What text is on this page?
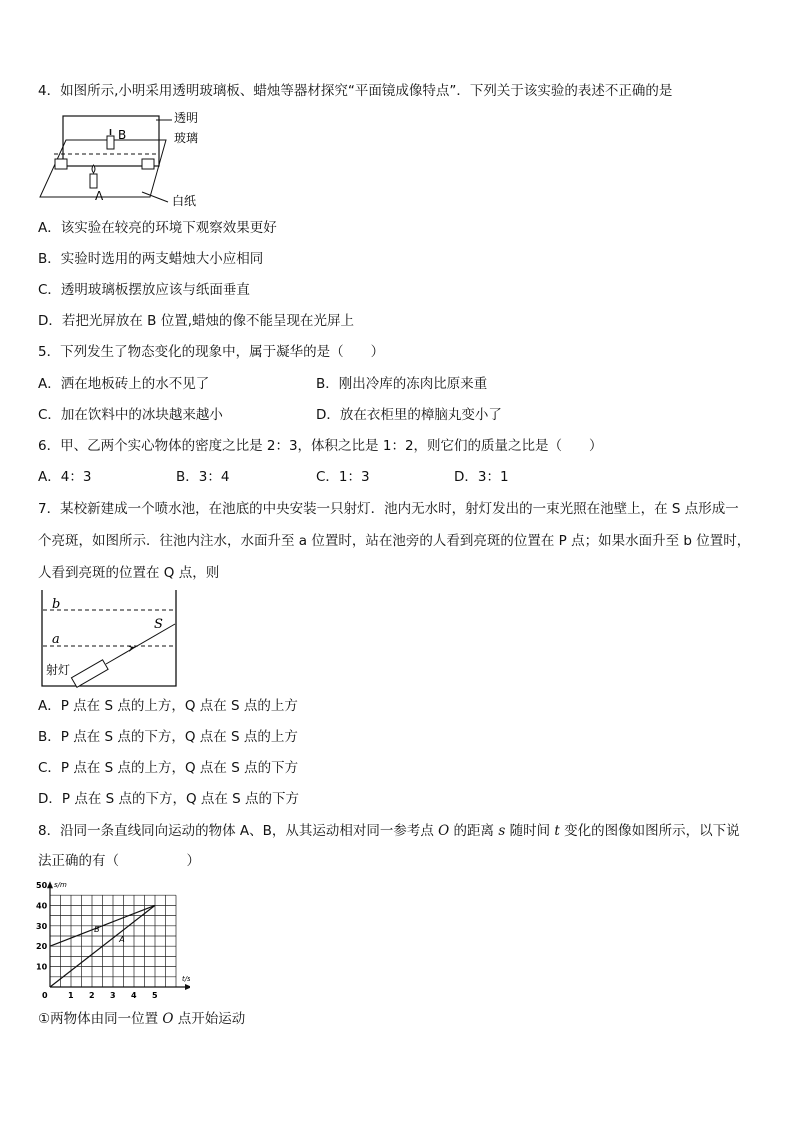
4．如图所示,小明采用透明玻璃板、蜡烛等器材探究“平面镜成像特点”．下列关于该实验的表述不正确的是
B
A
透明
玻璃
白纸
A．该实验在较亮的环境下观察效果更好
B．实验时选用的两支蜡烛大小应相同
C．透明玻璃板摆放应该与纸面垂直
D．若把光屏放在 B 位置,蜡烛的像不能呈现在光屏上
5．下列发生了物态变化的现象中，属于凝华的是（　　）
A．洒在地板砖上的水不见了	B．刚出冷库的冻肉比原来重
C．加在饮料中的冰块越来越小	D．放在衣柜里的樟脑丸变小了
6．甲、乙两个实心物体的密度之比是 2：3，体积之比是 1：2，则它们的质量之比是（　　）
A．4：3	B．3：4	C．1：3	D．3：1
7．某校新建成一个喷水池，在池底的中央安装一只射灯．池内无水时，射灯发出的一束光照在池壁上，在 S 点形成一
个亮斑，如图所示．往池内注水，水面升至 a 位置时，站在池旁的人看到亮斑的位置在 P 点；如果水面升至 b 位置时，
人看到亮斑的位置在 Q 点，则
b
a
S
射灯
A．P 点在 S 点的上方，Q 点在 S 点的上方
B．P 点在 S 点的下方，Q 点在 S 点的上方
C．P 点在 S 点的上方，Q 点在 S 点的下方
D．P 点在 S 点的下方，Q 点在 S 点的下方
8．沿同一条直线同向运动的物体 A、B，从其运动相对同一参考点 O 的距离 s 随时间 t 变化的图像如图所示，以下说
法正确的有（　　　　　）
1 2 3 4 5
10
20
30
40
50
0
t/s
s/m
B
A
①两物体由同一位置 O 点开始运动
